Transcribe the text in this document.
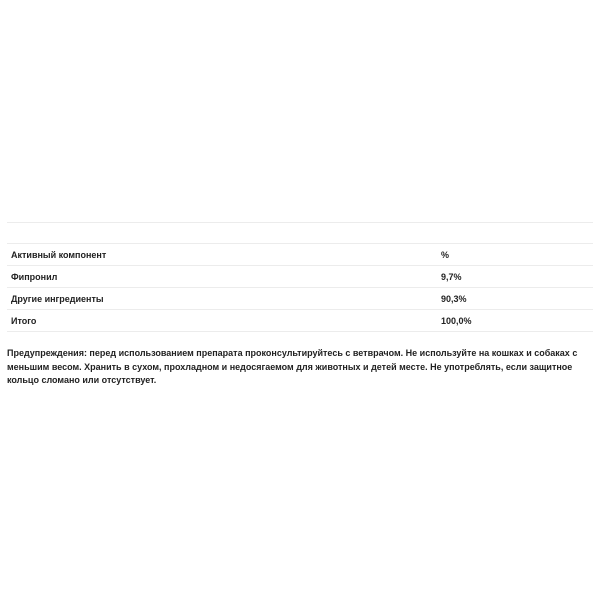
Активный компонент	%
Фипронил	9,7%
Другие ингредиенты	90,3%
Итого	100,0%

Предупреждения: перед использованием препарата проконсультируйтесь с ветврачом. Не используйте на кошках и собаках с меньшим весом. Хранить в сухом, прохладном и недосягаемом для животных и детей месте. Не употреблять, если защитное кольцо сломано или отсутствует.
